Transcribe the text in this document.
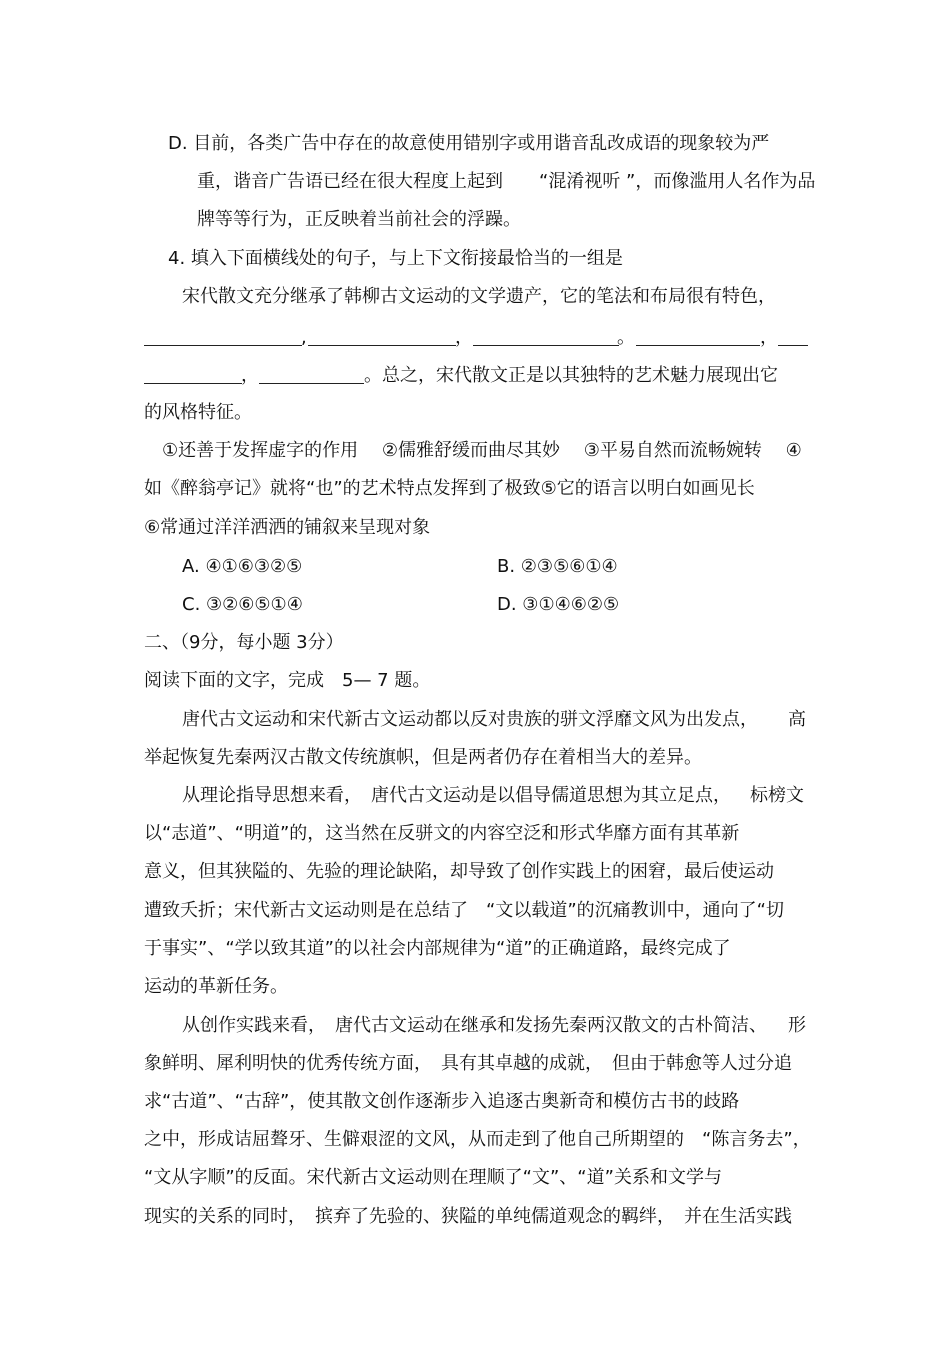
D. 目前，各类广告中存在的故意使用错别字或用谐音乱改成语的现象较为严

重，谐音广告语已经在很大程度上起到　　“混淆视听 ”，而像滥用人名作为品

牌等等行为，正反映着当前社会的浮躁。

4. 填入下面横线处的句子，与上下文衔接最恰当的一组是

宋代散文充分继承了韩柳古文运动的文学遗产，它的笔法和布局很有特色，

,	，	。	，
，	。 总之，宋代散文正是以其独特的艺术魅力展现出它

的风格特征。

①还善于发挥虚字的作用　 ②儒雅舒缓而曲尽其妙　 ③平易自然而流畅婉转　 ④

如《醉翁亭记》就将“也”的艺术特点发挥到了极致⑤它的语言以明白如画见长

⑥常通过洋洋洒洒的铺叙来呈现对象

A. ④①⑥③②⑤	B. ②③⑤⑥①④

C. ③②⑥⑤①④	D. ③①④⑥②⑤

二、（9分，每小题 3分）

阅读下面的文字，完成　5— 7 题。

唐代古文运动和宋代新古文运动都以反对贵族的骈文浮靡文风为出发点， 高

举起恢复先秦两汉古散文传统旗帜，但是两者仍存在着相当大的差异。

从理论指导思想来看，　唐代古文运动是以倡导儒道思想为其立足点， 标榜文

以“志道”、“明道”的，这当然在反骈文的内容空泛和形式华靡方面有其革新

意义，但其狭隘的、先验的理论缺陷，却导致了创作实践上的困窘，最后使运动

遭致夭折；宋代新古文运动则是在总结了　“文以载道”的沉痛教训中，通向了“切

于事实”、“学以致其道”的以社会内部规律为“道”的正确道路，最终完成了

运动的革新任务。

从创作实践来看，　唐代古文运动在继承和发扬先秦两汉散文的古朴简洁、 形

象鲜明、犀利明快的优秀传统方面，　具有其卓越的成就，　但由于韩愈等人过分追

求“古道”、“古辞”，使其散文创作逐渐步入追逐古奥新奇和模仿古书的歧路

之中，形成诘屈聱牙、生僻艰涩的文风，从而走到了他自己所期望的　“陈言务去”，

“文从字顺”的反面。宋代新古文运动则在理顺了“文”、“道”关系和文学与

现实的关系的同时，　摈弃了先验的、狭隘的单纯儒道观念的羁绊，　并在生活实践
